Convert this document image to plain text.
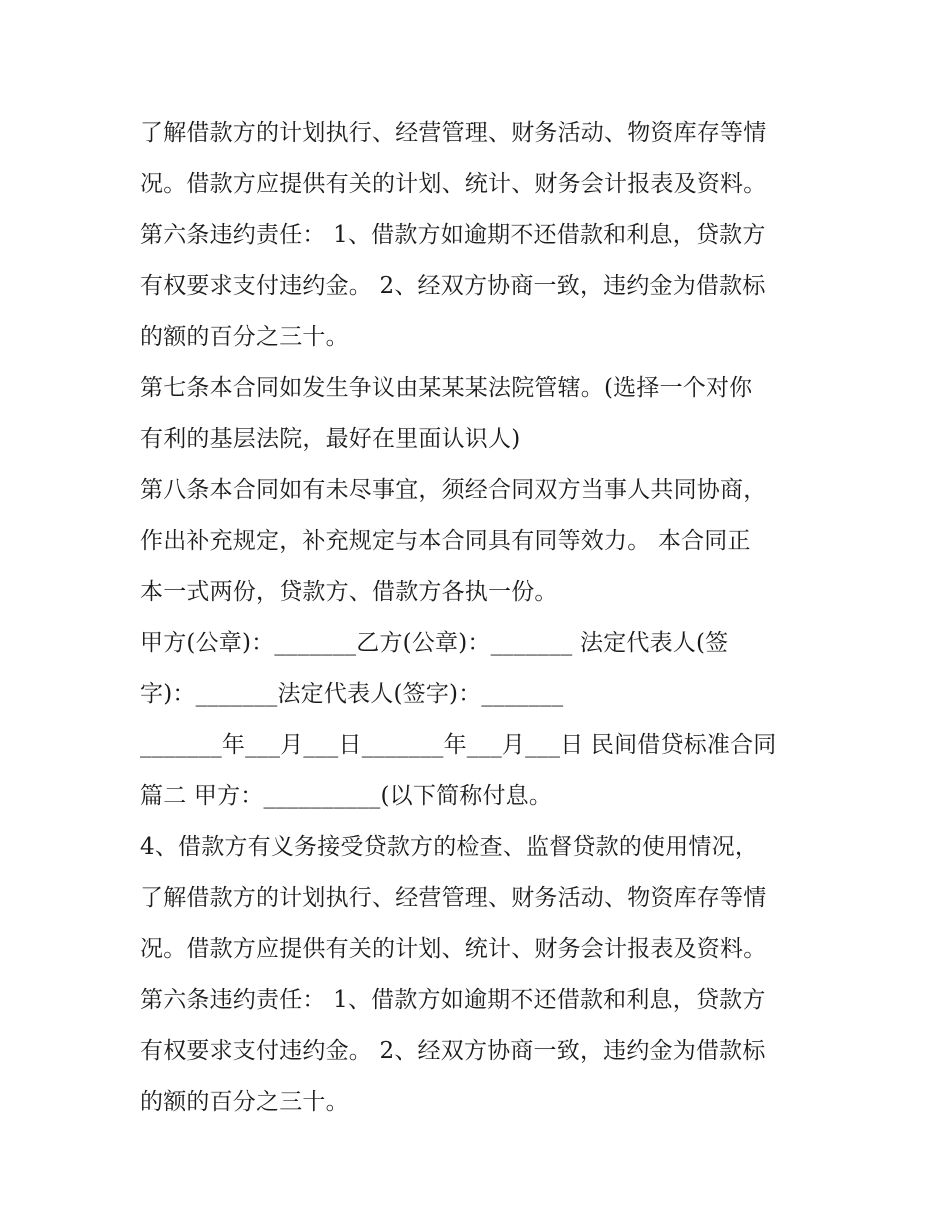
了解借款方的计划执行、经营管理、财务活动、物资库存等情
况。借款方应提供有关的计划、统计、财务会计报表及资料。
第六条违约责任： 1、借款方如逾期不还借款和利息，贷款方
有权要求支付违约金。 2、经双方协商一致，违约金为借款标
的额的百分之三十。
第七条本合同如发生争议由某某某法院管辖。(选择一个对你
有利的基层法院，最好在里面认识人)
第八条本合同如有未尽事宜，须经合同双方当事人共同协商，
作出补充规定，补充规定与本合同具有同等效力。 本合同正
本一式两份，贷款方、借款方各执一份。
甲方(公章)：_______乙方(公章)：_______ 法定代表人(签
字)：_______法定代表人(签字)：_______
_______年___月___日_______年___月___日 民间借贷标准合同
篇二 甲方：__________(以下简称付息。
4、借款方有义务接受贷款方的检查、监督贷款的使用情况，
了解借款方的计划执行、经营管理、财务活动、物资库存等情
况。借款方应提供有关的计划、统计、财务会计报表及资料。
第六条违约责任： 1、借款方如逾期不还借款和利息，贷款方
有权要求支付违约金。 2、经双方协商一致，违约金为借款标
的额的百分之三十。
